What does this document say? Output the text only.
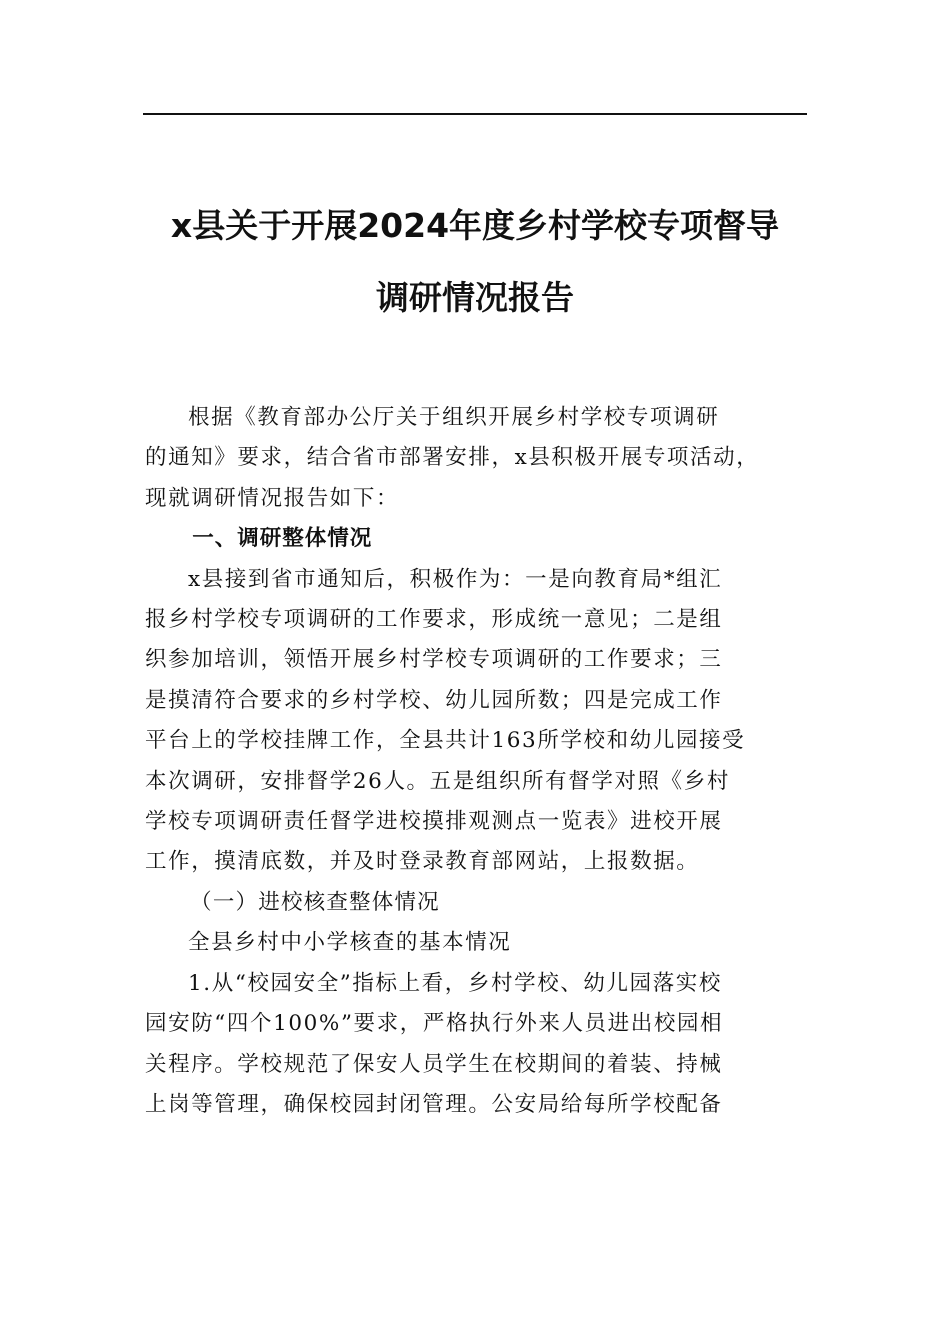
x县关于开展2024年度乡村学校专项督导
调研情况报告

根据《教育部办公厅关于组织开展乡村学校专项调研
的通知》要求，结合省市部署安排，x县积极开展专项活动，
现就调研情况报告如下：

一、调研整体情况

x县接到省市通知后，积极作为：一是向教育局*组汇
报乡村学校专项调研的工作要求，形成统一意见；二是组
织参加培训，领悟开展乡村学校专项调研的工作要求；三
是摸清符合要求的乡村学校、幼儿园所数；四是完成工作
平台上的学校挂牌工作，全县共计163所学校和幼儿园接受
本次调研，安排督学26人。五是组织所有督学对照《乡村
学校专项调研责任督学进校摸排观测点一览表》进校开展
工作，摸清底数，并及时登录教育部网站，上报数据。

（一）进校核查整体情况

全县乡村中小学核查的基本情况

1.从“校园安全”指标上看，乡村学校、幼儿园落实校
园安防“四个100%”要求，严格执行外来人员进出校园相
关程序。学校规范了保安人员学生在校期间的着装、持械
上岗等管理，确保校园封闭管理。公安局给每所学校配备
